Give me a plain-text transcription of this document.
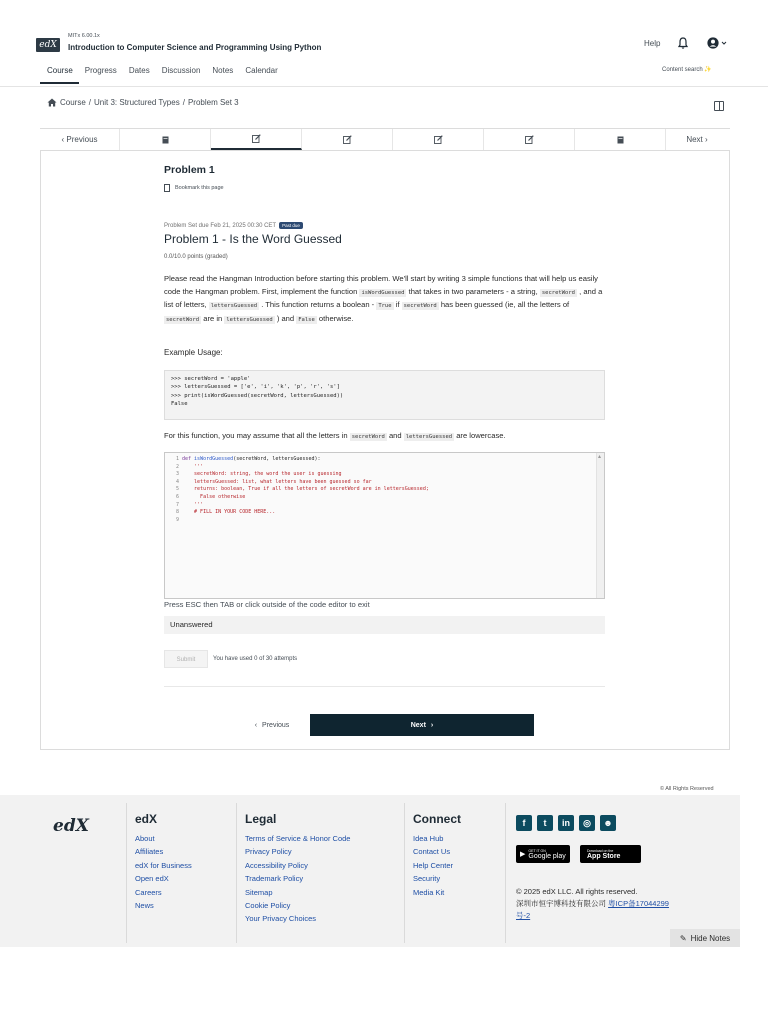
edX
MITx 6.00.1x
Introduction to Computer Science and Programming Using Python	Help
Course	Progress	Dates	Discussion	Notes	Calendar	Content search ✨
Course / Unit 3: Structured Types / Problem Set 3
‹
Previous	Next
›
Problem 1
Bookmark this page
Problem Set due Feb 21, 2025 00:30 CET	Past due
Problem 1 - Is the Word Guessed
0.0/10.0 points (graded)
Please read the Hangman Introduction before starting this problem. We'll start by writing 3 simple functions that will help us easily code the Hangman problem. First, implement the function isWordGuessed that takes in two parameters - a string, secretWord , and a list of letters, lettersGuessed . This function returns a boolean - True if secretWord has been guessed (ie, all the letters of secretWord are in lettersGuessed ) and False otherwise.
Example Usage:
>>> secretWord = 'apple'
>>> lettersGuessed = ['e', 'i', 'k', 'p', 'r', 's']
>>> print(isWordGuessed(secretWord, lettersGuessed))
False
For this function, you may assume that all the letters in secretWord and lettersGuessed are lowercase.
1 def isWordGuessed(secretWord, lettersGuessed):
2    '''
3    secretWord: string, the word the user is guessing
4    lettersGuessed: list, what letters have been guessed so far
5    returns: boolean, True if all the letters of secretWord are in lettersGuessed;
6      False otherwise
7    '''
8    # FILL IN YOUR CODE HERE...
9
▴
Press ESC then TAB or click outside of the code editor to exit
Unanswered
Submit	You have used 0 of 30 attempts
‹ Previous	Next ›
© All Rights Reserved
edX	edX
About
Affiliates
edX for Business
Open edX
Careers
News
Legal
Terms of Service & Honor Code
Privacy Policy
Accessibility Policy
Trademark Policy
Sitemap
Cookie Policy
Your Privacy Choices
Connect
Idea Hub
Contact Us
Help Center
Security
Media Kit
f	t	in	◎	☻
▶
GET IT ON
Google play
Download on the
App Store
© 2025 edX LLC. All rights reserved.
深圳市恒宇博科技有限公司 粤ICP备17044299
号-2
✎ Hide Notes
